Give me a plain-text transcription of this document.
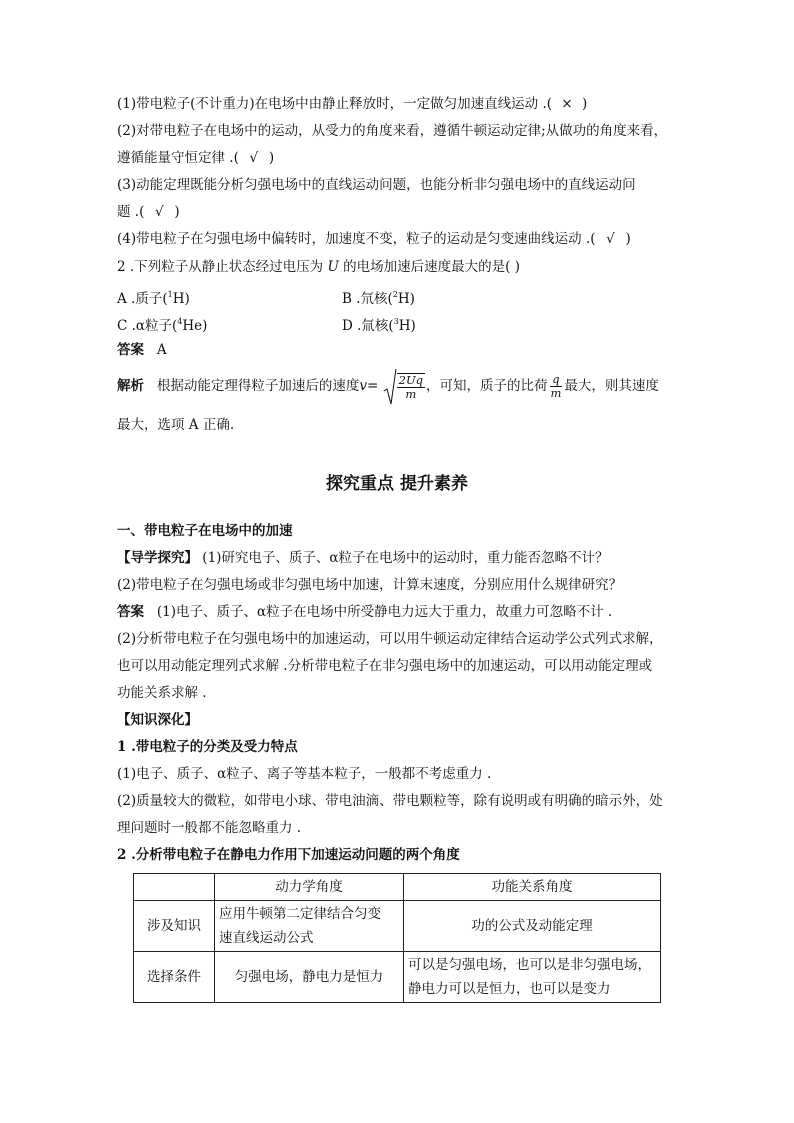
(1)带电粒子(不计重力)在电场中由静止释放时，一定做匀加速直线运动 .( × )
(2)对带电粒子在电场中的运动，从受力的角度来看，遵循牛顿运动定律;从做功的角度来看，
遵循能量守恒定律 .( √ )
(3)动能定理既能分析匀强电场中的直线运动问题，也能分析非匀强电场中的直线运动问
题 .( √ )
(4)带电粒子在匀强电场中偏转时，加速度不变，粒子的运动是匀变速曲线运动 .( √ )
2 .下列粒子从静止状态经过电压为 U 的电场加速后速度最大的是( )
A .质子($^1$H)	B .氘核($^2$H)
C .α粒子($^4$He)	D .氚核($^3$H)
答案 A
解析 根据动能定理得粒子加速后的速度$v= \frac{2Uq}{m}$ ，可知，质子的比荷 $\frac{q}{m}$ 最大，则其速度
最大，选项 A 正确.
探究重点 提升素养
一、带电粒子在电场中的加速
【导学探究】 (1)研究电子、质子、α粒子在电场中的运动时，重力能否忽略不计？
(2)带电粒子在匀强电场或非匀强电场中加速，计算末速度，分别应用什么规律研究？
答案 (1)电子、质子、α粒子在电场中所受静电力远大于重力，故重力可忽略不计 .
(2)分析带电粒子在匀强电场中的加速运动，可以用牛顿运动定律结合运动学公式列式求解，
也可以用动能定理列式求解 .分析带电粒子在非匀强电场中的加速运动，可以用动能定理或
功能关系求解 .
【知识深化】
1 .带电粒子的分类及受力特点
(1)电子、质子、α粒子、离子等基本粒子，一般都不考虑重力 .
(2)质量较大的微粒，如带电小球、带电油滴、带电颗粒等，除有说明或有明确的暗示外，处
理问题时一般都不能忽略重力 .
2 .分析带电粒子在静电力作用下加速运动问题的两个角度
	动力学角度	功能关系角度
涉及知识	应用牛顿第二定律结合匀变
速直线运动公式	功的公式及动能定理
选择条件	匀强电场，静电力是恒力	可以是匀强电场，也可以是非匀强电场，
静电力可以是恒力，也可以是变力
